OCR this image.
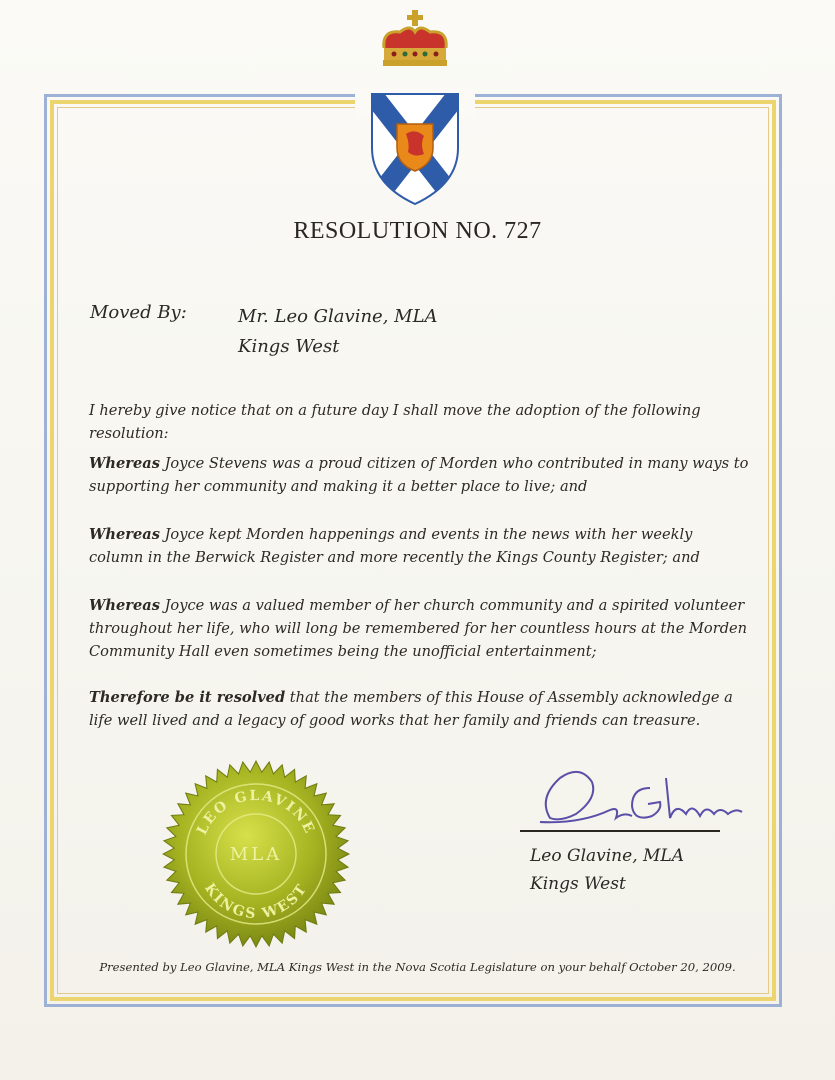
RESOLUTION NO. 727
Moved By:	Mr. Leo Glavine, MLA
Kings West
I hereby give notice that on a future day I shall move the adoption of the following resolution:
Whereas Joyce Stevens was a proud citizen of Morden who contributed in many ways to supporting her community and making it a better place to live; and
Whereas Joyce kept Morden happenings and events in the news with her weekly column in the Berwick Register and more recently the Kings County Register; and
Whereas Joyce was a valued member of her church community and a spirited volunteer throughout her life, who will long be remembered for her countless hours at the Morden Community Hall even sometimes being the unofficial entertainment;
Therefore be it resolved that the members of this House of Assembly acknowledge a life well lived and a legacy of good works that her family and friends can treasure.
LEO GLAVINE
MLA
KINGS WEST
Leo Glavine, MLA
Kings West
Presented by Leo Glavine, MLA Kings West in the Nova Scotia Legislature on your behalf October 20, 2009.
